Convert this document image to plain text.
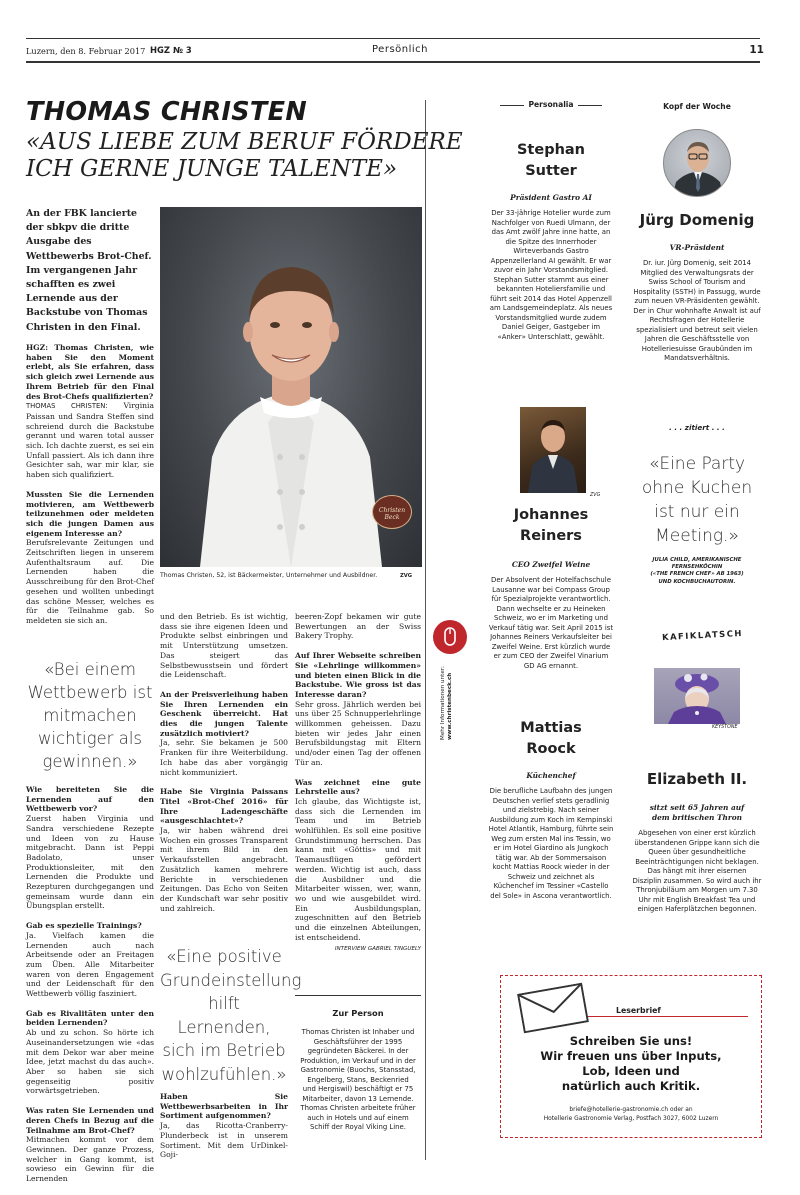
Luzern, den 8. Februar 2017 HGZ № 3	Persönlich	11
THOMAS CHRISTEN
«AUS LIEBE ZUM BERUF FÖRDERE
ICH GERNE JUNGE TALENTE»
An der FBK lancierte der sbkpv die dritte Ausgabe des Wettbewerbs Brot-Chef. Im vergangenen Jahr schafften es zwei Lernende aus der Backstube von Thomas Christen in den Final.
Christen Beck
Thomas Christen, 52, ist Bäckermeister, Unternehmer und Ausbildner.	ZVG
HGZ: Thomas Christen, wie haben Sie den Moment erlebt, als Sie erfahren, dass sich gleich zwei Lernende aus Ihrem Betrieb für den Final des Brot-Chefs qualifizierten?
THOMAS CHRISTEN: Virginia Paissan und Sandra Steffen sind schreiend durch die Backstube gerannt und waren total ausser sich. Ich dachte zuerst, es sei ein Unfall passiert. Als ich dann ihre Gesichter sah, war mir klar, sie haben sich qualifiziert.
Mussten Sie die Lernenden motivieren, am Wettbewerb teilzunehmen oder meldeten sich die jungen Damen aus eigenem Interesse an?
Berufsrelevante Zeitungen und Zeitschriften liegen in unserem Aufenthaltsraum auf. Die Lernenden haben die Ausschreibung für den Brot-Chef gesehen und wollten unbedingt das schöne Messer, welches es für die Teilnahme gab. So meldeten sie sich an.
«Bei einem Wettbewerb ist mitmachen wichtiger als gewinnen.»
Wie bereiteten Sie die Lernenden auf den Wettbewerb vor?
Zuerst haben Virginia und Sandra verschiedene Rezepte und Ideen von zu Hause mitgebracht. Dann ist Peppi Badolato, unser Produktionsleiter, mit den Lernenden die Produkte und Rezepturen durchgegangen und gemeinsam wurde dann ein Übungsplan erstellt.
Gab es spezielle Trainings?
Ja. Vielfach kamen die Lernenden auch nach Arbeitsende oder an Freitagen zum Üben. Alle Mitarbeiter waren von deren Engagement und der Leidenschaft für den Wettbewerb völlig fasziniert.
Gab es Rivalitäten unter den beiden Lernenden?
Ab und zu schon. So hörte ich Auseinandersetzungen wie «das mit dem Dekor war aber meine Idee, jetzt machst du das auch». Aber so haben sie sich gegenseitig positiv vorwärtsgetrieben.
Was raten Sie Lernenden und deren Chefs in Bezug auf die Teilnahme am Brot-Chef?
Mitmachen kommt vor dem Gewinnen. Der ganze Prozess, welcher in Gang kommt, ist sowieso ein Gewinn für die Lernenden
und den Betrieb. Es ist wichtig, dass sie ihre eigenen Ideen und Produkte selbst einbringen und mit Unterstützung umsetzen. Das steigert das Selbstbewusstsein und fördert die Leidenschaft.
An der Preisverleihung haben Sie Ihren Lernenden ein Geschenk überreicht. Hat dies die jungen Talente zusätzlich motiviert?
Ja, sehr. Sie bekamen je 500 Franken für ihre Weiterbildung. Ich habe das aber vorgängig nicht kommuniziert.
Habe Sie Virginia Paissans Titel «Brot-Chef 2016» für Ihre Ladengeschäfte «ausgeschlachtet»?
Ja, wir haben während drei Wochen ein grosses Transparent mit ihrem Bild in den Verkaufsstellen angebracht. Zusätzlich kamen mehrere Berichte in verschiedenen Zeitungen. Das Echo von Seiten der Kundschaft war sehr positiv und zahlreich.
«Eine positive Grundeinstellung hilft Lernenden, sich im Betrieb wohlzufühlen.»
Haben Sie Wettbewerbsarbeiten in Ihr Sortiment aufgenommen?
Ja, das Ricotta-Cranberry-Plunderbeck ist in unserem Sortiment. Mit dem UrDinkel-Goji-
beeren-Zopf bekamen wir gute Bewertungen an der Swiss Bakery Trophy.
Auf Ihrer Webseite schreiben Sie «Lehrlinge willkommen» und bieten einen Blick in die Backstube. Wie gross ist das Interesse daran?
Sehr gross. Jährlich werden bei uns über 25 Schnupperlehrlinge willkommen geheissen. Dazu bieten wir jedes Jahr einen Berufsbildungstag mit Eltern und/oder einen Tag der offenen Tür an.
Was zeichnet eine gute Lehrstelle aus?
Ich glaube, das Wichtigste ist, dass sich die Lernenden im Team und im Betrieb wohlfühlen. Es soll eine positive Grundstimmung herrschen. Das kann mit «Göttis» und mit Teamausflügen gefördert werden. Wichtig ist auch, dass die Ausbildner und die Mitarbeiter wissen, wer, wann, wo und wie ausgebildet wird. Ein Ausbildungsplan, zugeschnitten auf den Betrieb und die einzelnen Abteilungen, ist entscheidend.
INTERVIEW GABRIEL TINGUELY
Zur Person
Thomas Christen ist Inhaber und Geschäftsführer der 1995 gegründeten Bäckerei. In der Produktion, im Verkauf und in der Gastronomie (Buochs, Stansstad, Engelberg, Stans, Beckenried und Hergiswil) beschäftigt er 75 Mitarbeiter, davon 13 Lernende. Thomas Christen arbeitete früher auch in Hotels und auf einem Schiff der Royal Viking Line.
Mehr Informationen unter: www.christenbeck.ch
Personalia
Stephan
Sutter
Präsident Gastro AI
Der 33-jährige Hotelier wurde zum Nachfolger von Ruedi Ulmann, der das Amt zwölf Jahre inne hatte, an die Spitze des Innerrhoder Wirteverbands Gastro Appenzellerland AI gewählt. Er war zuvor ein Jahr Vorstandsmitglied. Stephan Sutter stammt aus einer bekannten Hoteliersfamilie und führt seit 2014 das Hotel Appenzell am Landsgemeindeplatz. Als neues Vorstandsmitglied wurde zudem Daniel Geiger, Gastgeber im «Anker» Unterschlatt, gewählt.
ZVG
Johannes
Reiners
CEO Zweifel Weine
Der Absolvent der Hotelfachschule Lausanne war bei Compass Group für Spezialprojekte verantwortlich. Dann wechselte er zu Heineken Schweiz, wo er im Marketing und Verkauf tätig war. Seit April 2015 ist Johannes Reiners Verkaufsleiter bei Zweifel Weine. Erst kürzlich wurde er zum CEO der Zweifel Vinarium GD AG ernannt.
Mattias
Roock
Küchenchef
Die berufliche Laufbahn des jungen Deutschen verlief stets geradlinig und zielstrebig. Nach seiner Ausbildung zum Koch im Kempinski Hotel Atlantik, Hamburg, führte sein Weg zum ersten Mal ins Tessin, wo er im Hotel Giardino als Jungkoch tätig war. Ab der Sommersaison kocht Mattias Roock wieder in der Schweiz und zeichnet als Küchenchef im Tessiner «Castello del Sole» in Ascona verantwortlich.
Kopf der Woche
Jürg Domenig
VR-Präsident
Dr. iur. Jürg Domenig, seit 2014 Mitglied des Verwaltungsrats der Swiss School of Tourism and Hospitality (SSTH) in Passugg, wurde zum neuen VR-Präsidenten gewählt. Der in Chur wohnhafte Anwalt ist auf Rechtsfragen der Hotellerie spezialisiert und betreut seit vielen Jahren die Geschäftsstelle von Hotelleriesuisse Graubünden im Mandatsverhältnis.
. . . zitiert . . .
«Eine Party ohne Kuchen ist nur ein Meeting.»
JULIA CHILD, AMERIKANISCHE
FERNSEHKÖCHIN
(«THE FRENCH CHEF» AB 1963)
UND KOCHBUCHAUTORIN.
KAFIKLATSCH
KEYSTONE
Elizabeth II.
sitzt seit 65 Jahren auf dem britischen Thron
Abgesehen von einer erst kürzlich überstandenen Grippe kann sich die Queen über gesundheitliche Beeinträchtigungen nicht beklagen. Das hängt mit ihrer eisernen Disziplin zusammen. So wird auch ihr Thronjubiläum am Morgen um 7.30 Uhr mit English Breakfast Tea und einigen Haferplätzchen begonnen.
Leserbrief
Schreiben Sie uns!
Wir freuen uns über Inputs,
Lob, Ideen und
natürlich auch Kritik.
briefe@hotellerie-gastronomie.ch oder an
Hotellerie Gastronomie Verlag, Postfach 3027, 6002 Luzern
